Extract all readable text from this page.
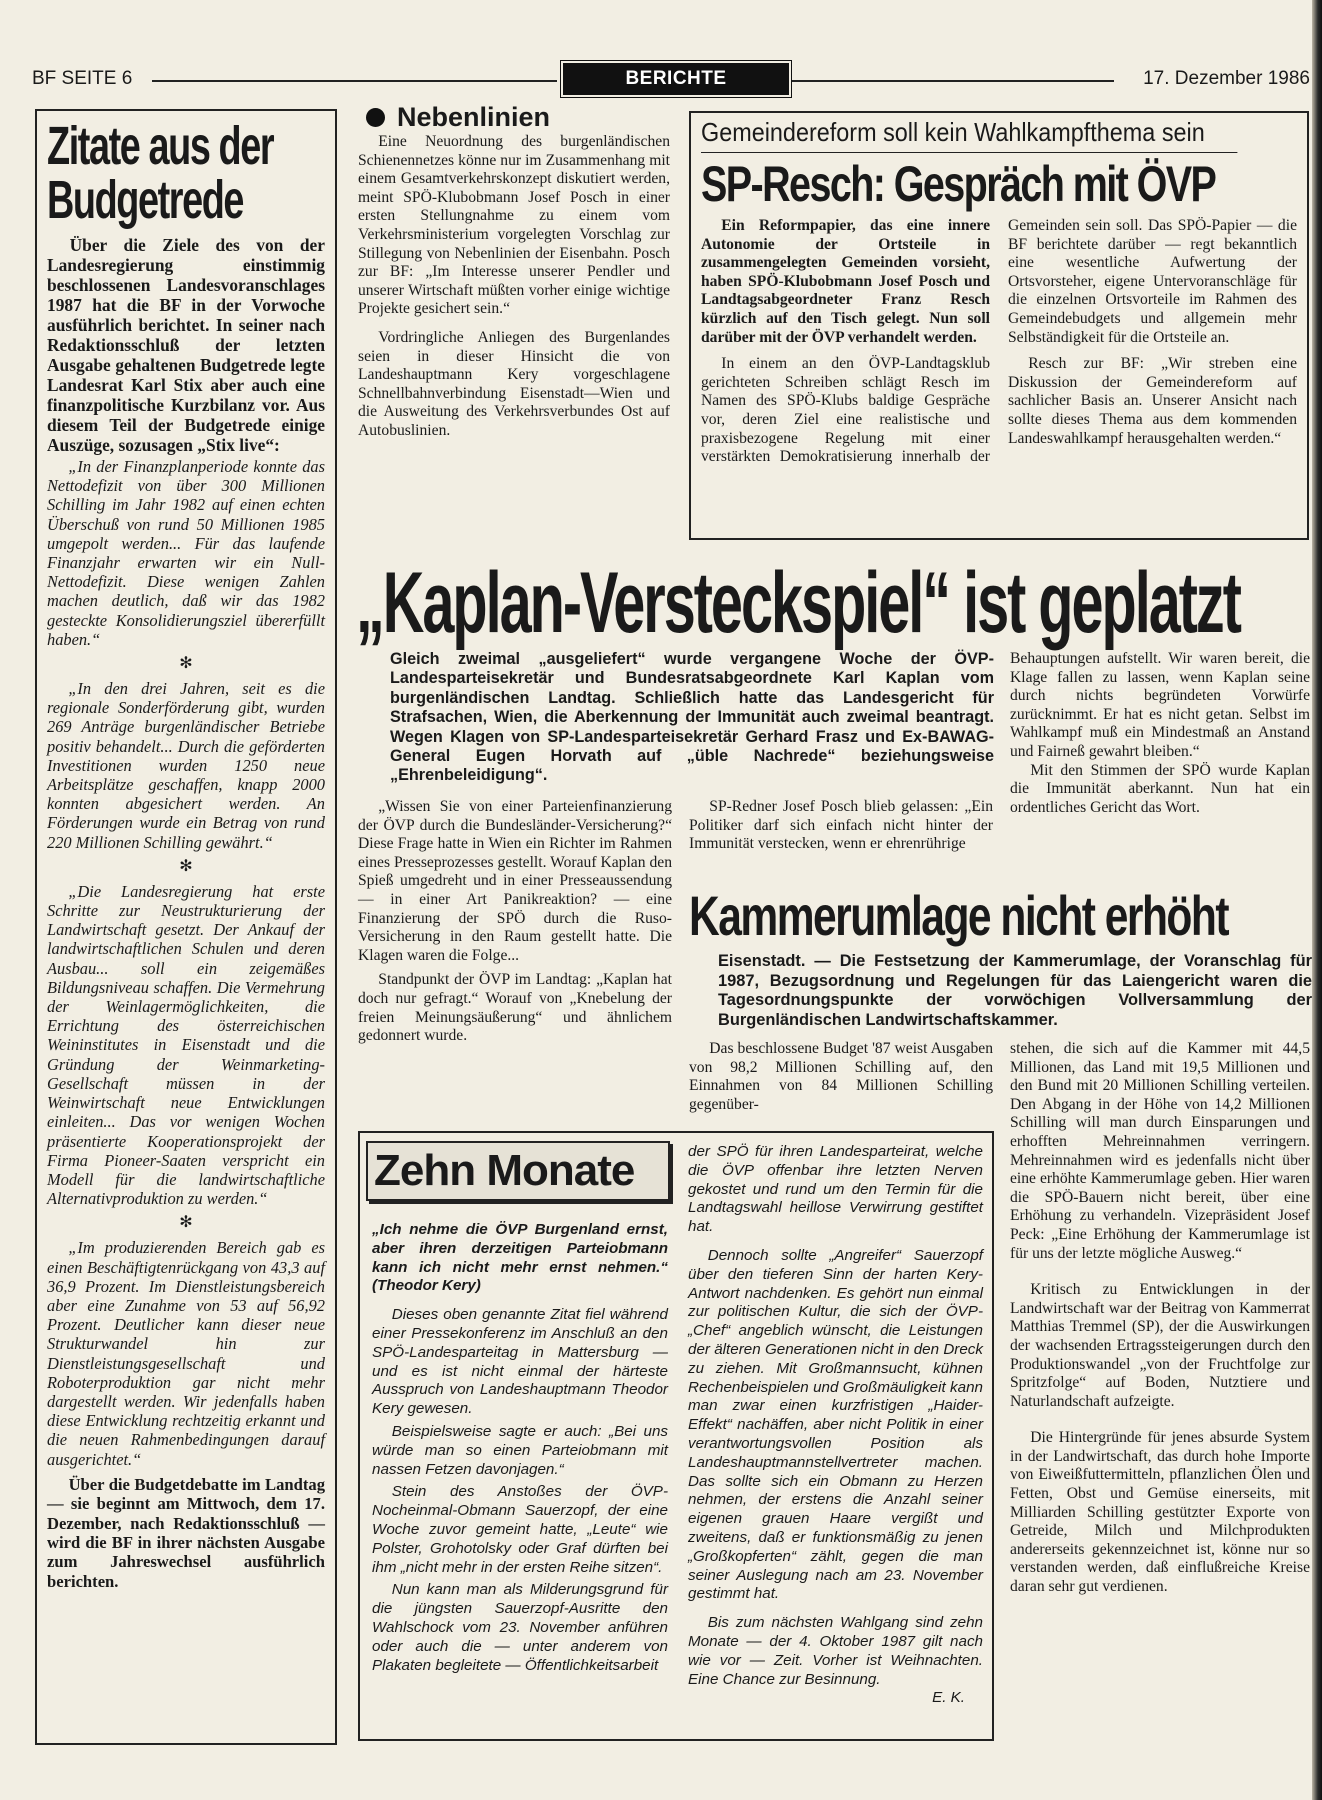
BF SEITE 6	BERICHTE	17. Dezember 1986
Zitate aus der Budgetrede

Über die Ziele des von der Landesregierung einstimmig beschlossenen Landesvoranschlages 1987 hat die BF in der Vorwoche ausführlich berichtet. In seiner nach Redaktionsschluß der letzten Ausgabe gehaltenen Budgetrede legte Landesrat Karl Stix aber auch eine finanzpolitische Kurzbilanz vor. Aus diesem Teil der Budgetrede einige Auszüge, sozusagen „Stix live“:

„In der Finanzplanperiode konnte das Nettodefizit von über 300 Millionen Schilling im Jahr 1982 auf einen echten Überschuß von rund 50 Millionen 1985 umgepolt werden... Für das laufende Finanzjahr erwarten wir ein Null-Nettodefizit. Diese wenigen Zahlen machen deutlich, daß wir das 1982 gesteckte Konsolidierungsziel übererfüllt haben.“

✻

„In den drei Jahren, seit es die regionale Sonderförderung gibt, wurden 269 Anträge burgenländischer Betriebe positiv behandelt... Durch die geförderten Investitionen wurden 1250 neue Arbeitsplätze geschaffen, knapp 2000 konnten abgesichert werden. An Förderungen wurde ein Betrag von rund 220 Millionen Schilling gewährt.“

✻

„Die Landesregierung hat erste Schritte zur Neustrukturierung der Landwirtschaft gesetzt. Der Ankauf der landwirtschaftlichen Schulen und deren Ausbau... soll ein zeigemäßes Bildungsniveau schaffen. Die Vermehrung der Weinlagermöglichkeiten, die Errichtung des österreichischen Weininstitutes in Eisenstadt und die Gründung der Weinmarketing-Gesellschaft müssen in der Weinwirtschaft neue Entwicklungen einleiten... Das vor wenigen Wochen präsentierte Kooperationsprojekt der Firma Pioneer-Saaten verspricht ein Modell für die landwirtschaftliche Alternativproduktion zu werden.“

✻

„Im produzierenden Bereich gab es einen Beschäftigtenrückgang von 43,3 auf 36,9 Prozent. Im Dienstleistungsbereich aber eine Zunahme von 53 auf 56,92 Prozent. Deutlicher kann dieser neue Strukturwandel hin zur Dienstleistungsgesellschaft und Roboterproduktion gar nicht mehr dargestellt werden. Wir jedenfalls haben diese Entwicklung rechtzeitig erkannt und die neuen Rahmenbedingungen darauf ausgerichtet.“

Über die Budgetdebatte im Landtag — sie beginnt am Mittwoch, dem 17. Dezember, nach Redaktionsschluß — wird die BF in ihrer nächsten Ausgabe zum Jahreswechsel ausführlich berichten.

Nebenlinien

Eine Neuordnung des burgenländischen Schienennetzes könne nur im Zusammenhang mit einem Gesamtverkehrskonzept diskutiert werden, meint SPÖ-Klubobmann Josef Posch in einer ersten Stellungnahme zu einem vom Verkehrsministerium vorgelegten Vorschlag zur Stillegung von Nebenlinien der Eisenbahn. Posch zur BF: „Im Interesse unserer Pendler und unserer Wirtschaft müßten vorher einige wichtige Projekte gesichert sein.“

Vordringliche Anliegen des Burgenlandes seien in dieser Hinsicht die von Landeshauptmann Kery vorgeschlagene Schnellbahnverbindung Eisenstadt—Wien und die Ausweitung des Verkehrsverbundes Ost auf Autobuslinien.

Gemeindereform soll kein Wahlkampfthema sein
SP-Resch: Gespräch mit ÖVP

Ein Reformpapier, das eine innere Autonomie der Ortsteile in zusammengelegten Gemeinden vorsieht, haben SPÖ-Klubobmann Josef Posch und Landtagsabgeordneter Franz Resch kürzlich auf den Tisch gelegt. Nun soll darüber mit der ÖVP verhandelt werden.

In einem an den ÖVP-Landtagsklub gerichteten Schreiben schlägt Resch im Namen des SPÖ-Klubs baldige Gespräche vor, deren Ziel eine realistische und praxisbezogene Regelung mit einer verstärkten Demokratisierung innerhalb der Gemeinden sein soll. Das SPÖ-Papier — die BF berichtete darüber — regt bekanntlich eine wesentliche Aufwertung der Ortsvorsteher, eigene Untervoranschläge für die einzelnen Ortsvorteile im Rahmen des Gemeindebudgets und allgemein mehr Selbständigkeit für die Ortsteile an.

Resch zur BF: „Wir streben eine Diskussion der Gemeindereform auf sachlicher Basis an. Unserer Ansicht nach sollte dieses Thema aus dem kommenden Landeswahlkampf herausgehalten werden.“

„Kaplan-Versteckspiel“ ist geplatzt
Gleich zweimal „ausgeliefert“ wurde vergangene Woche der ÖVP-Landesparteisekretär und Bundesratsabgeordnete Karl Kaplan vom burgenländischen Landtag. Schließlich hatte das Landesgericht für Strafsachen, Wien, die Aberkennung der Immunität auch zweimal beantragt. Wegen Klagen von SP-Landesparteisekretär Gerhard Frasz und Ex-BAWAG-General Eugen Horvath auf „üble Nachrede“ beziehungsweise „Ehrenbeleidigung“.

„Wissen Sie von einer Parteienfinanzierung der ÖVP durch die Bundesländer-Versicherung?“ Diese Frage hatte in Wien ein Richter im Rahmen eines Presseprozesses gestellt. Worauf Kaplan den Spieß umgedreht und in einer Presseaussendung — in einer Art Panikreaktion? — eine Finanzierung der SPÖ durch die Ruso-Versicherung in den Raum gestellt hatte. Die Klagen waren die Folge...

Standpunkt der ÖVP im Landtag: „Kaplan hat doch nur gefragt.“ Worauf von „Knebelung der freien Meinungsäußerung“ und ähnlichem gedonnert wurde.

SP-Redner Josef Posch blieb gelassen: „Ein Politiker darf sich einfach nicht hinter der Immunität verstecken, wenn er ehrenrührige

Behauptungen aufstellt. Wir waren bereit, die Klage fallen zu lassen, wenn Kaplan seine durch nichts begründeten Vorwürfe zurücknimmt. Er hat es nicht getan. Selbst im Wahlkampf muß ein Mindestmaß an Anstand und Fairneß gewahrt bleiben.“

Mit den Stimmen der SPÖ wurde Kaplan die Immunität aberkannt. Nun hat ein ordentliches Gericht das Wort.

Kammerumlage nicht erhöht
Eisenstadt. — Die Festsetzung der Kammerumlage, der Voranschlag für 1987, Bezugsordnung und Regelungen für das Laiengericht waren die Tagesordnungspunkte der vorwöchigen Vollversammlung der Burgenländischen Landwirtschaftskammer.

Das beschlossene Budget '87 weist Ausgaben von 98,2 Millionen Schilling auf, den Einnahmen von 84 Millionen Schilling gegenüber-

stehen, die sich auf die Kammer mit 44,5 Millionen, das Land mit 19,5 Millionen und den Bund mit 20 Millionen Schilling verteilen. Den Abgang in der Höhe von 14,2 Millionen Schilling will man durch Einsparungen und erhofften Mehreinnahmen verringern. Mehreinnahmen wird es jedenfalls nicht über eine erhöhte Kammerumlage geben. Hier waren die SPÖ-Bauern nicht bereit, über eine Erhöhung zu verhandeln. Vizepräsident Josef Peck: „Eine Erhöhung der Kammerumlage ist für uns der letzte mögliche Ausweg.“

Kritisch zu Entwicklungen in der Landwirtschaft war der Beitrag von Kammerrat Matthias Tremmel (SP), der die Auswirkungen der wachsenden Ertragssteigerungen durch den Produktionswandel „von der Fruchtfolge zur Spritzfolge“ auf Boden, Nutztiere und Naturlandschaft aufzeigte.

Die Hintergründe für jenes absurde System in der Landwirtschaft, das durch hohe Importe von Eiweißfuttermitteln, pflanzlichen Ölen und Fetten, Obst und Gemüse einerseits, mit Milliarden Schilling gestützter Exporte von Getreide, Milch und Milchprodukten andererseits gekennzeichnet ist, könne nur so verstanden werden, daß einflußreiche Kreise daran sehr gut verdienen.

Zehn Monate

„Ich nehme die ÖVP Burgenland ernst, aber ihren derzeitigen Parteiobmann kann ich nicht mehr ernst nehmen.“ (Theodor Kery)

Dieses oben genannte Zitat fiel während einer Pressekonferenz im Anschluß an den SPÖ-Landesparteitag in Mattersburg — und es ist nicht einmal der härteste Ausspruch von Landeshauptmann Theodor Kery gewesen.

Beispielsweise sagte er auch: „Bei uns würde man so einen Parteiobmann mit nassen Fetzen davonjagen.“

Stein des Anstoßes der ÖVP-Nocheinmal-Obmann Sauerzopf, der eine Woche zuvor gemeint hatte, „Leute“ wie Polster, Grohotolsky oder Graf dürften bei ihm „nicht mehr in der ersten Reihe sitzen“.

Nun kann man als Milderungsgrund für die jüngsten Sauerzopf-Ausritte den Wahlschock vom 23. November anführen oder auch die — unter anderem von Plakaten begleitete — Öffentlichkeitsarbeit

der SPÖ für ihren Landesparteirat, welche die ÖVP offenbar ihre letzten Nerven gekostet und rund um den Termin für die Landtagswahl heillose Verwirrung gestiftet hat.

Dennoch sollte „Angreifer“ Sauerzopf über den tieferen Sinn der harten Kery-Antwort nachdenken. Es gehört nun einmal zur politischen Kultur, die sich der ÖVP-„Chef“ angeblich wünscht, die Leistungen der älteren Generationen nicht in den Dreck zu ziehen. Mit Großmannsucht, kühnen Rechenbeispielen und Großmäuligkeit kann man zwar einen kurzfristigen „Haider-Effekt“ nachäffen, aber nicht Politik in einer verantwortungsvollen Position als Landeshauptmannstellvertreter machen. Das sollte sich ein Obmann zu Herzen nehmen, der erstens die Anzahl seiner eigenen grauen Haare vergißt und zweitens, daß er funktionsmäßig zu jenen „Großkopferten“ zählt, gegen die man seiner Auslegung nach am 23. November gestimmt hat.

Bis zum nächsten Wahlgang sind zehn Monate — der 4. Oktober 1987 gilt nach wie vor — Zeit. Vorher ist Weihnachten. Eine Chance zur Besinnung.

E. K.
